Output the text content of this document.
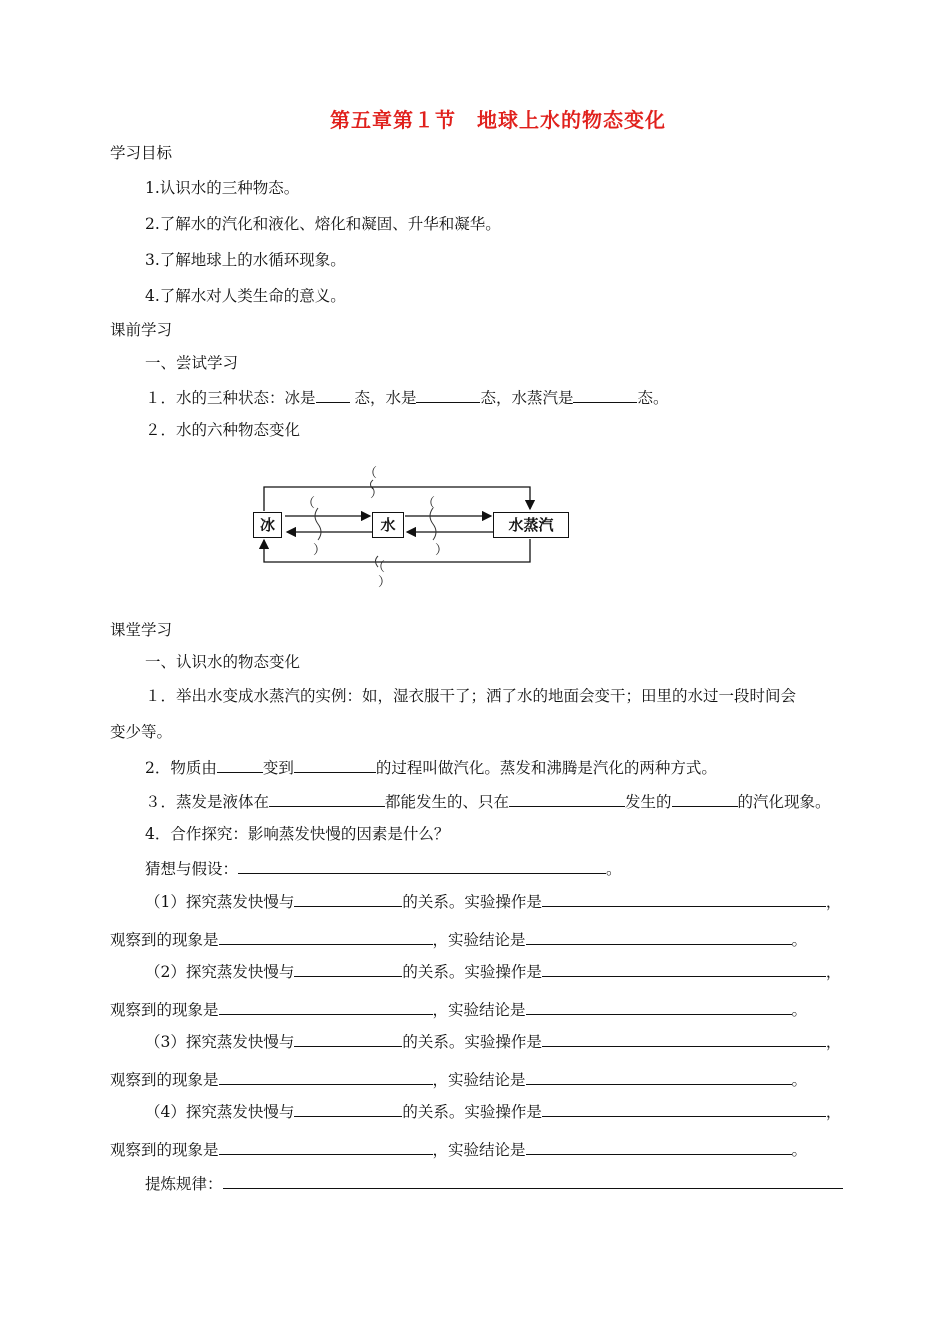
第五章第１节　地球上水的物态变化
学习目标
1.认识水的三种物态。
2.了解水的汽化和液化、熔化和凝固、升华和凝华。
3.了解地球上的水循环现象。
4.了解水对人类生命的意义。
课前学习
一、尝试学习
１．水的三种状态：冰是 态，水是	态，水蒸汽是	态。
２．水的六种物态变化
冰	水	水蒸汽
（
）
（	（
）	）
（
）
课堂学习
一、认识水的物态变化
１．举出水变成水蒸汽的实例：如，湿衣服干了；洒了水的地面会变干；田里的水过一段时间会
变少等。
2．物质由	变到	的过程叫做汽化。蒸发和沸腾是汽化的两种方式。
３．蒸发是液体在	都能发生的、只在	发生的	的汽化现象。
4．合作探究：影响蒸发快慢的因素是什么？
猜想与假设：	。
（1）探究蒸发快慢与	的关系。实验操作是	，
观察到的现象是	，实验结论是	。
（2）探究蒸发快慢与	的关系。实验操作是	，
观察到的现象是	，实验结论是	。
（3）探究蒸发快慢与	的关系。实验操作是	，
观察到的现象是	，实验结论是	。
（4）探究蒸发快慢与	的关系。实验操作是	，
观察到的现象是	，实验结论是	。
提炼规律：
